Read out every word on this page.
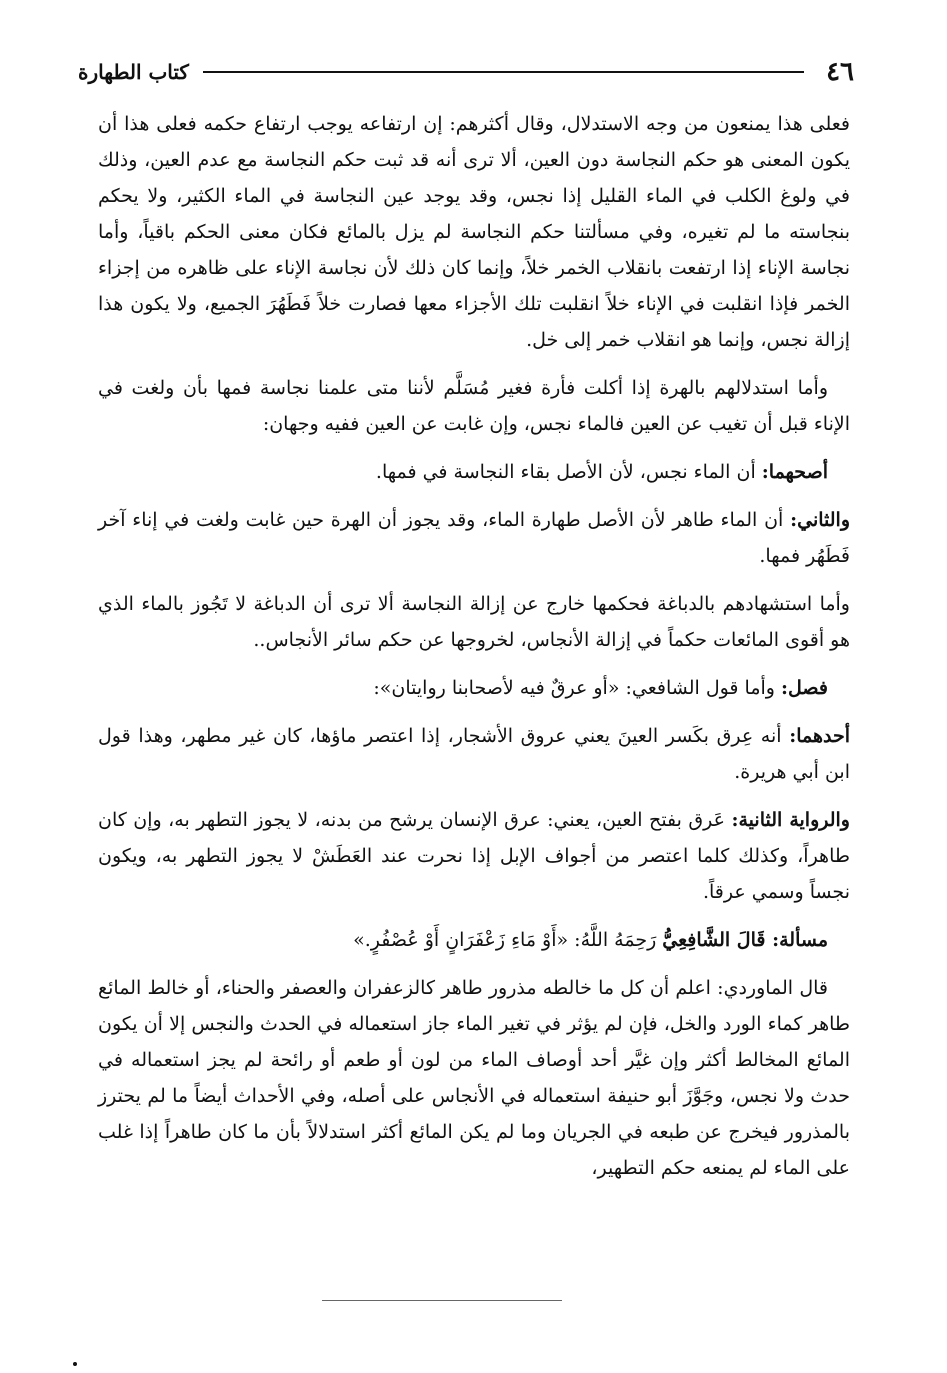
٤٦
كتاب الطهارة

فعلى هذا يمنعون من وجه الاستدلال، وقال أكثرهم: إن ارتفاعه يوجب ارتفاع حكمه فعلى هذا أن يكون المعنى هو حكم النجاسة دون العين، ألا ترى أنه قد ثبت حكم النجاسة مع عدم العين، وذلك في ولوغ الكلب في الماء القليل إذا نجس، وقد يوجد عين النجاسة في الماء الكثير، ولا يحكم بنجاسته ما لم تغيره، وفي مسألتنا حكم النجاسة لم يزل بالمائع فكان معنى الحكم باقياً، وأما نجاسة الإناء إذا ارتفعت بانقلاب الخمر خلاً، وإنما كان ذلك لأن نجاسة الإناء على ظاهره من إجزاء الخمر فإذا انقلبت في الإناء خلاً انقلبت تلك الأجزاء معها فصارت خلاً فَطَهُرَ الجميع، ولا يكون هذا إزالة نجس، وإنما هو انقلاب خمر إلى خل.

وأما استدلالهم بالهرة إذا أكلت فأرة فغير مُسَلَّم لأننا متى علمنا نجاسة فمها بأن ولغت في الإناء قبل أن تغيب عن العين فالماء نجس، وإن غابت عن العين ففيه وجهان:

أصحهما: أن الماء نجس، لأن الأصل بقاء النجاسة في فمها.

والثاني: أن الماء طاهر لأن الأصل طهارة الماء، وقد يجوز أن الهرة حين غابت ولغت في إناء آخر فَطَهُر فمها.

وأما استشهادهم بالدباغة فحكمها خارج عن إزالة النجاسة ألا ترى أن الدباغة لا تَجُوز بالماء الذي هو أقوى المائعات حكماً في إزالة الأنجاس، لخروجها عن حكم سائر الأنجاس..

فصل: وأما قول الشافعي: «أو عرقٌ فيه لأصحابنا روايتان»:

أحدهما: أنه عِرق بكَسر العينَ يعني عروق الأشجار، إذا اعتصر ماؤها، كان غير مطهر، وهذا قول ابن أبي هريرة.

والرواية الثانية: عَرق بفتح العين، يعني: عرق الإنسان يرشح من بدنه، لا يجوز التطهر به، وإن كان طاهراً، وكذلك كلما اعتصر من أجواف الإبل إذا نحرت عند العَطَشْ لا يجوز التطهر به، ويكون نجساً وسمي عرقاً.

مسألة: قَالَ الشَّافِعِيُّ رَحِمَهُ اللَّهُ: «أَوْ مَاءِ زَعْفَرَانٍ أَوْ عُصْفُرٍ.»

قال الماوردي: اعلم أن كل ما خالطه مذرور طاهر كالزعفران والعصفر والحناء، أو خالط المائع طاهر كماء الورد والخل، فإن لم يؤثر في تغير الماء جاز استعماله في الحدث والنجس إلا أن يكون المائع المخالط أكثر وإن غيَّر أحد أوصاف الماء من لون أو طعم أو رائحة لم يجز استعماله في حدث ولا نجس، وجَوَّزَ أبو حنيفة استعماله في الأنجاس على أصله، وفي الأحداث أيضاً ما لم يحترز بالمذرور فيخرج عن طبعه في الجريان وما لم يكن المائع أكثر استدلالاً بأن ما كان طاهراً إذا غلب على الماء لم يمنعه حكم التطهير،
